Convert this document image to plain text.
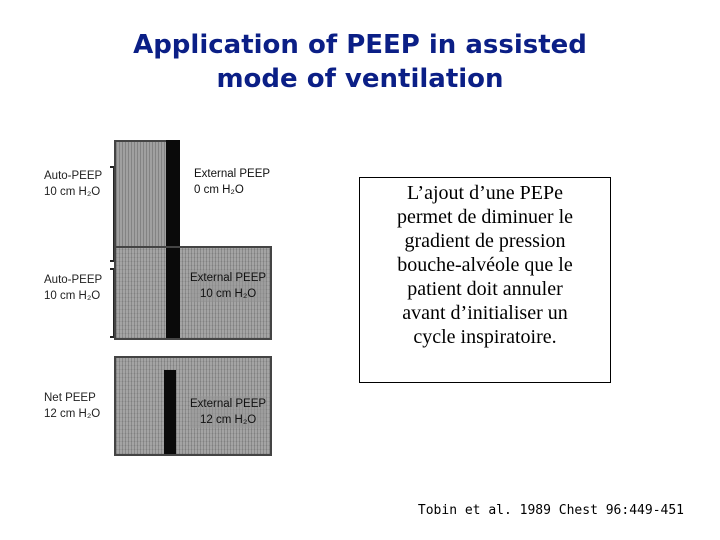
Application of PEEP in assisted
mode of ventilation
Auto-PEEP
10 cm H₂O
External PEEP
0 cm H₂O
Auto-PEEP
10 cm H₂O
External PEEP
10 cm H₂O
Net PEEP
12 cm H₂O
External PEEP
12 cm H₂O
L’ajout d’une PEPe
permet de diminuer le
gradient de pression
bouche-alvéole que le
patient doit annuler
avant d’initialiser un
cycle inspiratoire.
Tobin et al. 1989 Chest 96:449-451
